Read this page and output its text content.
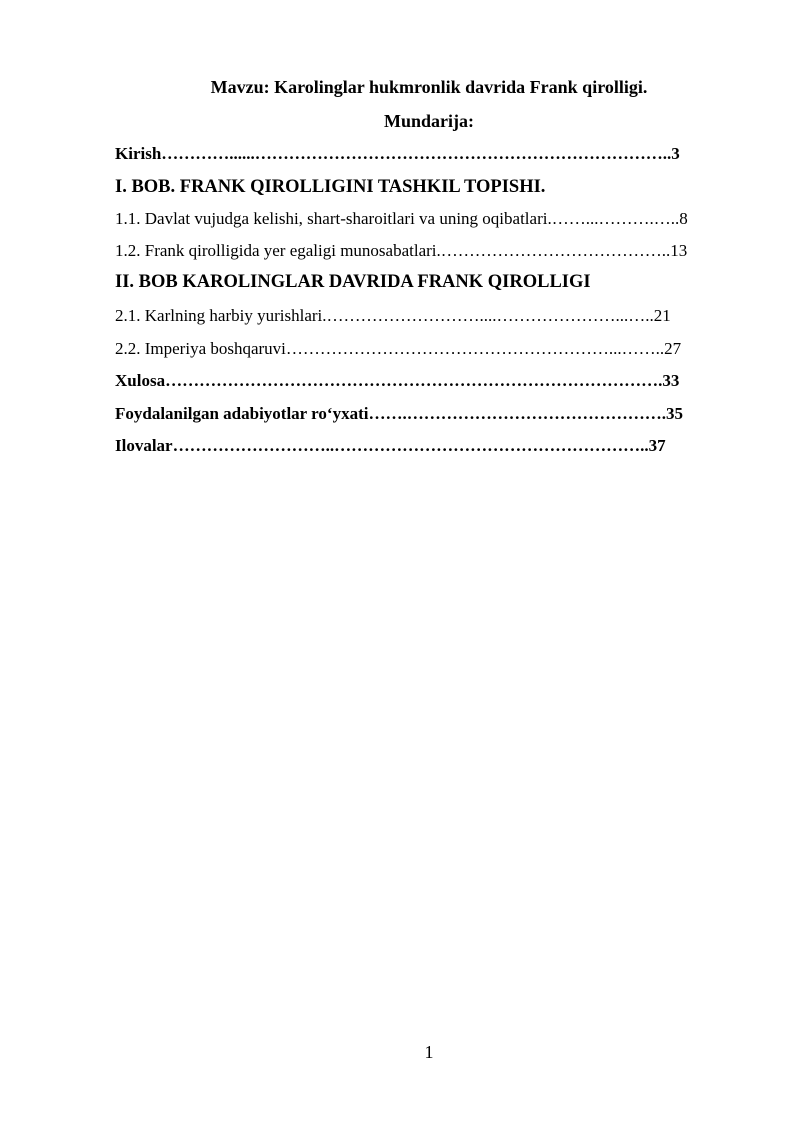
Mavzu: Karolinglar hukmronlik davrida Frank qirolligi.
Mundarija:
Kirish…………......………………………………………………………………..3
I. BOB. FRANK QIROLLIGINI TASHKIL TOPISHI.
1.1. Davlat vujudga kelishi, shart-sharoitlari va uning oqibatlari.……...……….…..8
1.2. Frank qirolligida yer egaligi munosabatlari.…………………………………..13
II. BOB KAROLINGLAR DAVRIDA FRANK QIROLLIGI
2.1. Karlning harbiy yurishlari.………………………....…………………...…..21
2.2. Imperiya boshqaruvi…………………………………………………...……..27
Xulosa…………………………………………………………………………….33
Foydalanilgan adabiyotlar ro‘yxati…….……………………………………….35
Ilovalar………………………..………………………………………………..37
1
